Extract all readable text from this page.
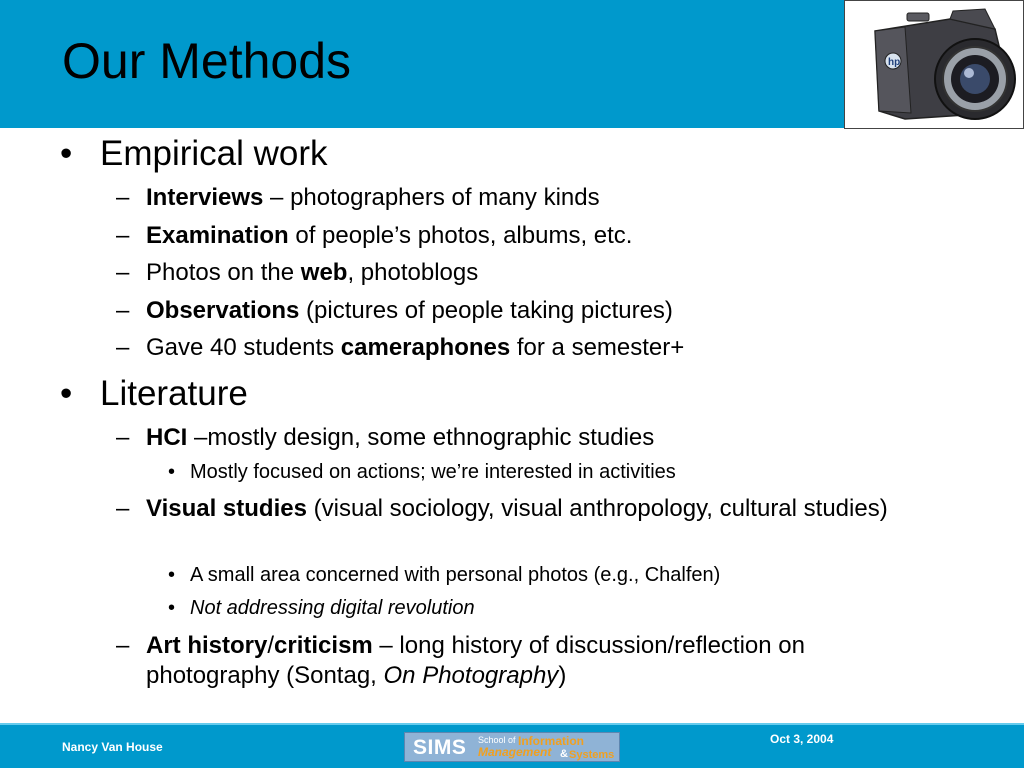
Our Methods	hp
• Empirical work
– Interviews – photographers of many kinds
– Examination of people’s photos, albums, etc.
– Photos on the web, photoblogs
– Observations (pictures of people taking pictures)
– Gave 40 students cameraphones for a semester+
• Literature
– HCI –mostly design, some ethnographic studies
• Mostly focused on actions; we’re interested in activities
– Visual studies (visual sociology, visual anthropology, cultural studies)
• A small area concerned with personal photos (e.g., Chalfen)
• Not addressing digital revolution
– Art history/criticism – long history of discussion/reflection on photography (Sontag, On Photography)
Nancy Van House
Oct 3, 2004
SIMS School of Information
Management & Systems
